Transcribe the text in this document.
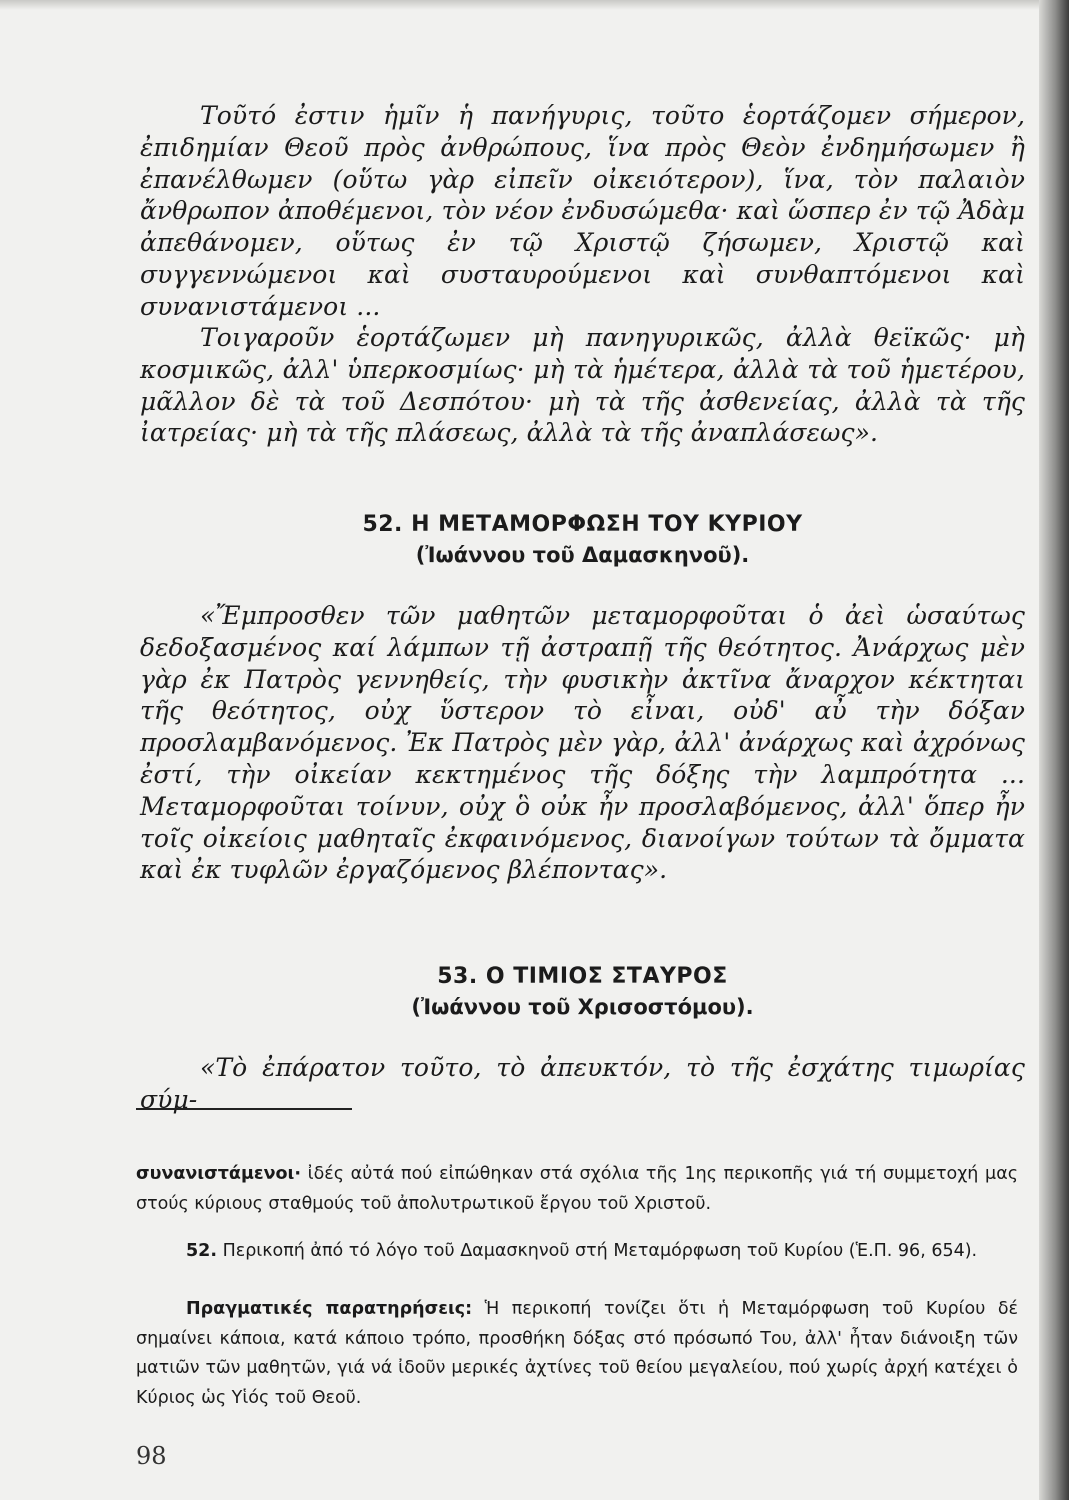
Τοῦτό ἐστιν ἡμῖν ἡ πανήγυρις, τοῦτο ἑορτάζομεν σήμερον, ἐπιδημίαν Θεοῦ πρὸς ἀνθρώπους, ἵνα πρὸς Θεὸν ἐνδημήσωμεν ἢ ἐπανέλθωμεν (οὕτω γὰρ εἰπεῖν οἰκειότερον), ἵνα, τὸν παλαιὸν ἄνθρωπον ἀποθέμενοι, τὸν νέον ἐνδυσώμεθα· καὶ ὥσπερ ἐν τῷ Ἀδὰμ ἀπεθάνομεν, οὕτως ἐν τῷ Χριστῷ ζήσωμεν, Χριστῷ καὶ συγγεννώμενοι καὶ συσταυρούμενοι καὶ συνθαπτόμενοι καὶ συνανιστάμενοι ...

Τοιγαροῦν ἑορτάζωμεν μὴ πανηγυρικῶς, ἀλλὰ θεϊκῶς· μὴ κοσμικῶς, ἀλλ' ὑπερκοσμίως· μὴ τὰ ἡμέτερα, ἀλλὰ τὰ τοῦ ἡμετέρου, μᾶλλον δὲ τὰ τοῦ Δεσπότου· μὴ τὰ τῆς ἀσθενείας, ἀλλὰ τὰ τῆς ἰατρείας· μὴ τὰ τῆς πλάσεως, ἀλλὰ τὰ τῆς ἀναπλάσεως».

52. Η ΜΕΤΑΜΟΡΦΩΣΗ ΤΟΥ ΚΥΡΙΟΥ
(Ἰωάννου τοῦ Δαμασκηνοῦ).

«Ἔμπροσθεν τῶν μαθητῶν μεταμορφοῦται ὁ ἀεὶ ὡσαύτως δεδοξασμένος καί λάμπων τῇ ἀστραπῇ τῆς θεότητος. Ἀνάρχως μὲν γὰρ ἐκ Πατρὸς γεννηθείς, τὴν φυσικὴν ἀκτῖνα ἄναρχον κέκτηται τῆς θεότητος, οὐχ ὕστερον τὸ εἶναι, οὐδ' αὖ τὴν δόξαν προσλαμβανόμενος. Ἐκ Πατρὸς μὲν γὰρ, ἀλλ' ἀνάρχως καὶ ἀχρόνως ἐστί, τὴν οἰκείαν κεκτημένος τῆς δόξης τὴν λαμπρότητα ... Μεταμορφοῦται τοίνυν, οὐχ ὃ οὐκ ἦν προσλαβόμενος, ἀλλ' ὅπερ ἦν τοῖς οἰκείοις μαθηταῖς ἐκφαινόμενος, διανοίγων τούτων τὰ ὄμματα καὶ ἐκ τυφλῶν ἐργαζόμενος βλέποντας».

53. Ο ΤΙΜΙΟΣ ΣΤΑΥΡΟΣ
(Ἰωάννου τοῦ Χρισοστόμου).

«Τὸ ἐπάρατον τοῦτο, τὸ ἀπευκτόν, τὸ τῆς ἐσχάτης τιμωρίας σύμ-

συνανιστάμενοι· ἰδές αὐτά πού εἰπώθηκαν στά σχόλια τῆς 1ης περικοπῆς γιά τή συμμετοχή μας στούς κύριους σταθμούς τοῦ ἀπολυτρωτικοῦ ἔργου τοῦ Χριστοῦ.

52. Περικοπή ἀπό τό λόγο τοῦ Δαμασκηνοῦ στή Μεταμόρφωση τοῦ Κυρίου (Ἑ.Π. 96, 654).

Πραγματικές παρατηρήσεις: Ἡ περικοπή τονίζει ὅτι ἡ Μεταμόρφωση τοῦ Κυρίου δέ σημαίνει κάποια, κατά κάποιο τρόπο, προσθήκη δόξας στό πρόσωπό Του, ἀλλ' ἦταν διάνοιξη τῶν ματιῶν τῶν μαθητῶν, γιά νά ἰδοῦν μερικές ἀχτίνες τοῦ θείου μεγαλείου, πού χωρίς ἀρχή κατέχει ὁ Κύριος ὡς Υἱός τοῦ Θεοῦ.

98
